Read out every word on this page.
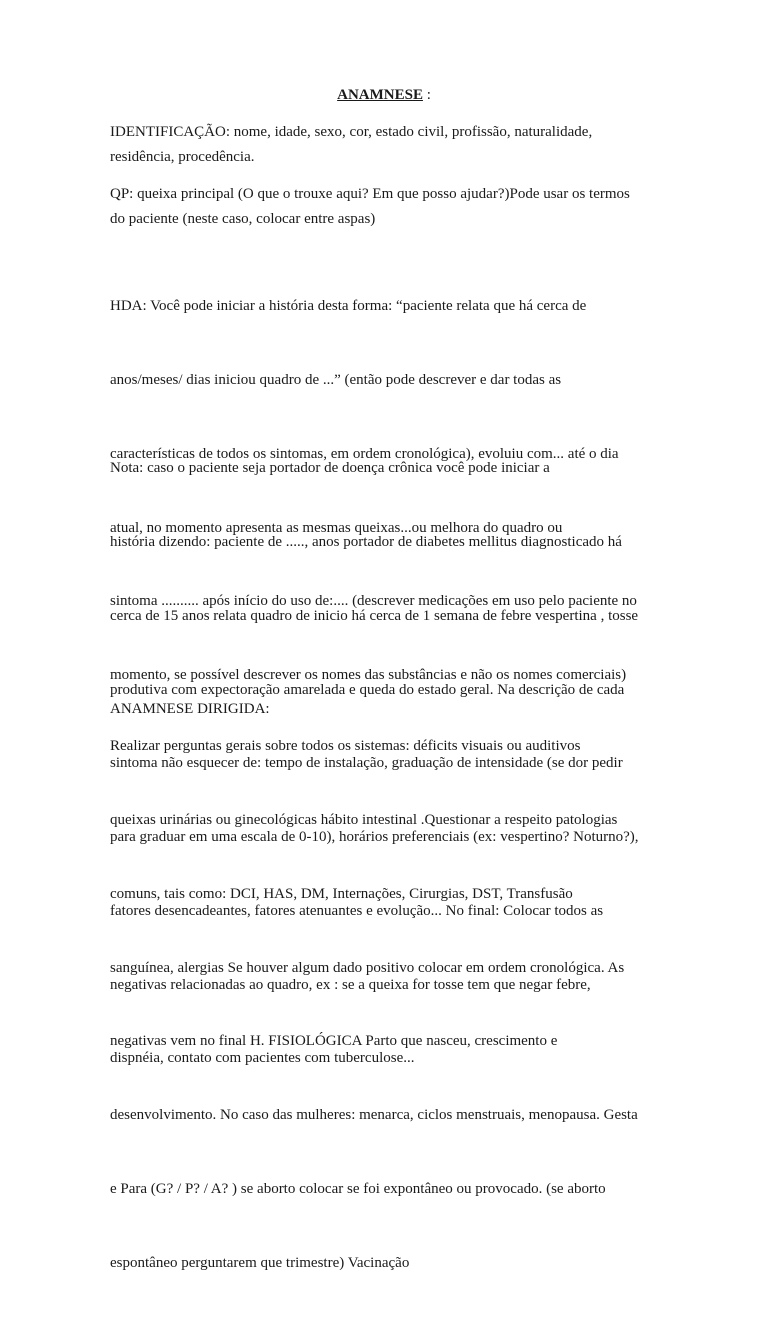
ANAMNESE :

IDENTIFICAÇÃO: nome, idade, sexo, cor, estado civil, profissão, naturalidade,
residência, procedência.

QP: queixa principal (O que o trouxe aqui? Em que posso ajudar?)Pode usar os termos
do paciente (neste caso, colocar entre aspas)

HDA: Você pode iniciar a história desta forma: “paciente relata que há cerca de

anos/meses/ dias iniciou quadro de ...” (então pode descrever e dar todas as

características de todos os sintomas, em ordem cronológica), evoluiu com... até o dia

atual, no momento apresenta as mesmas queixas...ou melhora do quadro ou

sintoma .......... após início do uso de:.... (descrever medicações em uso pelo paciente no

momento, se possível descrever os nomes das substâncias e não os nomes comerciais)

Nota: caso o paciente seja portador de doença crônica você pode iniciar a

história dizendo: paciente de ....., anos portador de diabetes mellitus diagnosticado há

cerca de 15 anos relata quadro de inicio há cerca de 1 semana de febre vespertina , tosse

produtiva com expectoração amarelada e queda do estado geral. Na descrição de cada

sintoma não esquecer de: tempo de instalação, graduação de intensidade (se dor pedir

para graduar em uma escala de 0-10), horários preferenciais (ex: vespertino? Noturno?),

fatores desencadeantes, fatores atenuantes e evolução... No final: Colocar todos as

negativas relacionadas ao quadro, ex : se a queixa for tosse tem que negar febre,

dispnéia, contato com pacientes com tuberculose...

ANAMNESE DIRIGIDA:

Realizar perguntas gerais sobre todos os sistemas: déficits visuais ou auditivos

queixas urinárias ou ginecológicas hábito intestinal .Questionar a respeito patologias

comuns, tais como: DCI, HAS, DM, Internações, Cirurgias, DST, Transfusão

sanguínea, alergias Se houver algum dado positivo colocar em ordem cronológica. As

negativas vem no final H. FISIOLÓGICA Parto que nasceu, crescimento e

desenvolvimento. No caso das mulheres: menarca, ciclos menstruais, menopausa. Gesta

e Para (G? / P? / A? ) se aborto colocar se foi expontâneo ou provocado. (se aborto

espontâneo perguntarem que trimestre) Vacinação
